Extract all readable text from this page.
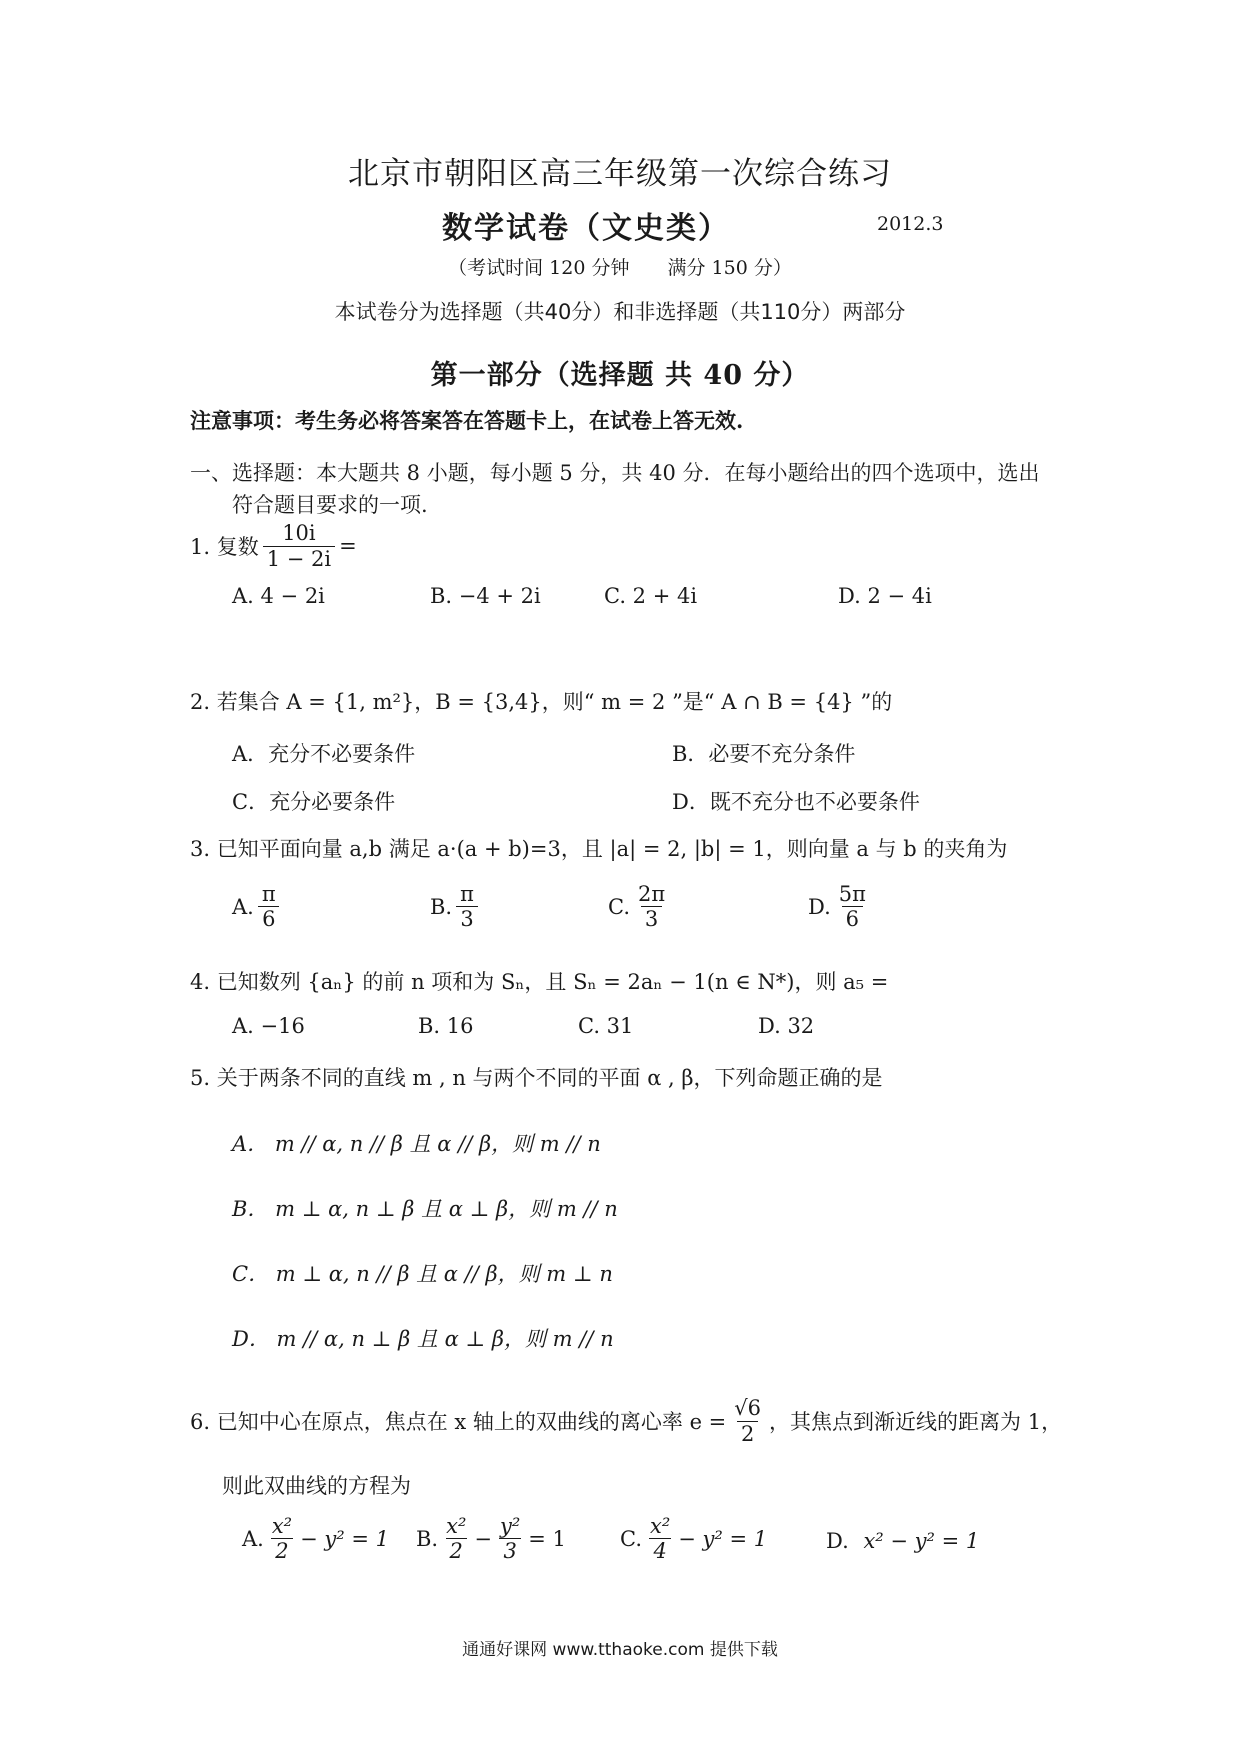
北京市朝阳区高三年级第一次综合练习
数学试卷（文史类）	2012.3
（考试时间 120 分钟　　满分 150 分）
本试卷分为选择题（共40分）和非选择题（共110分）两部分
第一部分（选择题 共 40 分）
注意事项：考生务必将答案答在答题卡上，在试卷上答无效.
一、选择题：本大题共 8 小题，每小题 5 分，共 40 分．在每小题给出的四个选项中，选出
符合题目要求的一项.
1. 复数 $\frac{10i}{1 - 2i}$ =
A. 4 − 2i	B. −4 + 2i	C. 2 + 4i	D. 2 − 4i
2. 若集合 A = {1, m²}，B = {3,4}，则“ m = 2 ”是“ A ∩ B = {4} ”的
A．充分不必要条件	B．必要不充分条件
C．充分必要条件	D．既不充分也不必要条件
3. 已知平面向量 a,b 满足 a·(a + b)=3，且 |a| = 2, |b| = 1，则向量 a 与 b 的夹角为
A. $\frac{\pi}{6}$	B. $\frac{\pi}{3}$	C. $\frac{2\pi}{3}$	D. $\frac{5\pi}{6}$
4. 已知数列 {aₙ} 的前 n 项和为 Sₙ，且 Sₙ = 2aₙ − 1(n ∈ N*)，则 a₅ =
A. −16	B. 16	C. 31	D. 32
5. 关于两条不同的直线 m , n 与两个不同的平面 α , β，下列命题正确的是
A． m // α, n // β 且 α // β，则 m // n
B． m ⊥ α, n ⊥ β 且 α ⊥ β，则 m // n
C． m ⊥ α, n // β 且 α // β，则 m ⊥ n
D． m // α, n ⊥ β 且 α ⊥ β，则 m // n
6. 已知中心在原点，焦点在 x 轴上的双曲线的离心率 $e = \frac{√6}{2}$ ，其焦点到渐近线的距离为 1，
则此双曲线的方程为
A. $\frac{\text{x²}}{2} - y^2 = 1$ B. $\frac{\text{x²}}{2} - \frac{\text{y²}}{3} = 1$	C. $\frac{\text{x²}}{4} - y^2 = 1$	D. x² − y² = 1
通通好课网 www.tthaoke.com 提供下载
